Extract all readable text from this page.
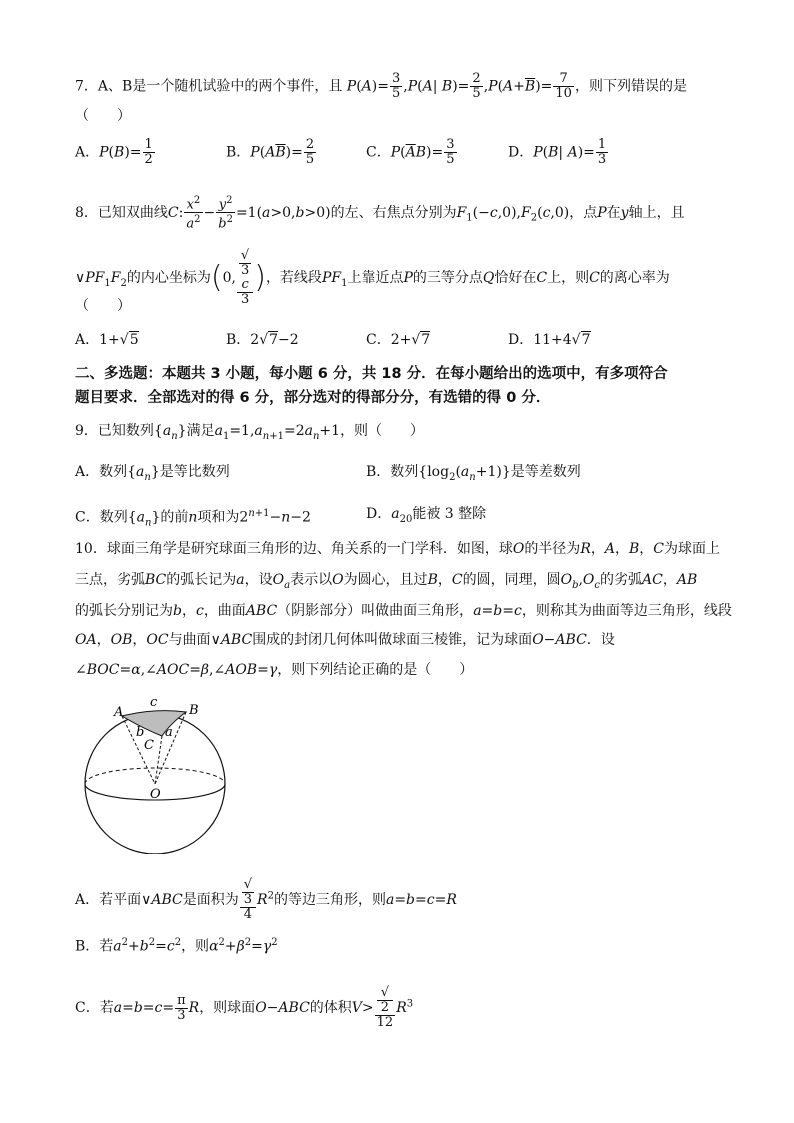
7．A、B是一个随机试验中的两个事件，且 $P(A)= \frac{3}{5} ,P(A|$ $B)= \frac{2}{5} ,P(A+\overline{B})= \frac{7}{10}$ ，则下列错误的是
（　　）
A．$P(B)= \frac{1}{2}$	B．$P(A\overline{B})= \frac{2}{5}$	C．$P(\overline{A}B)= \frac{3}{5}$	D．P(B| $A)= \frac{1}{3}$
8．已知双曲线C: $\frac{x^2}{a^2} - \frac{y^2}{b^2} =1(a>0,b>0)$的左、右焦点分别为$F_1(-c,0),F_2(c,0)$，点P在y轴上，且
$\vee PF_1F_2$的内心坐标为(0, √
3
c
3 )，若线段$PF_1$上靠近点P的三等分点Q恰好在C上，则C的离心率为
（　　）
A．1+√5	B．2√7−2	C．2+√7	D．11+4√7
二、多选题：本题共 3 小题，每小题 6 分，共 18 分．在每小题给出的选项中，有多项符合
题目要求．全部选对的得 6 分，部分选对的得部分分，有选错的得 0 分．
9．已知数列$\{a_n\}$满足$a_1=1,a_{n+1}=2a_n+1$，则（　　）
A．数列$\{a_n\}$是等比数列	B．数列$\{\log_2(a_n+1)\}$是等差数列
C．数列$\{a_n\}$的前n项和为$2^{n+1}-n-2$	D．$a_{20}$能被 3 整除
10．球面三角学是研究球面三角形的边、角关系的一门学科．如图，球O的半径为R，A，B，C为球面上
三点，劣弧BC的弧长记为a，设$O_a$表示以O为圆心，且过B，C的圆，同理，圆$O_b,O_c$的劣弧AC，AB
的弧长分别记为b，c，曲面ABC（阴影部分）叫做曲面三角形，a=b=c，则称其为曲面等边三角形，线段
OA，OB，OC与曲面∨ABC围成的封闭几何体叫做球面三棱锥，记为球面O−ABC．设
∠BOC=α,∠AOC=β,∠AOB=γ，则下列结论正确的是（　　）
A	B
c
b a
C
O
A．若平面∨ABC是面积为 √
3
4 $R^2$的等边三角形，则a=b=c=R
B．若$a^2+b^2=c^2$，则$\alpha^2+\beta^2=\gamma^2$
C．若$a=b=c= \frac{\pi}{3}$ R，则球面O−ABC的体积V> √
2
12 $R^3$
